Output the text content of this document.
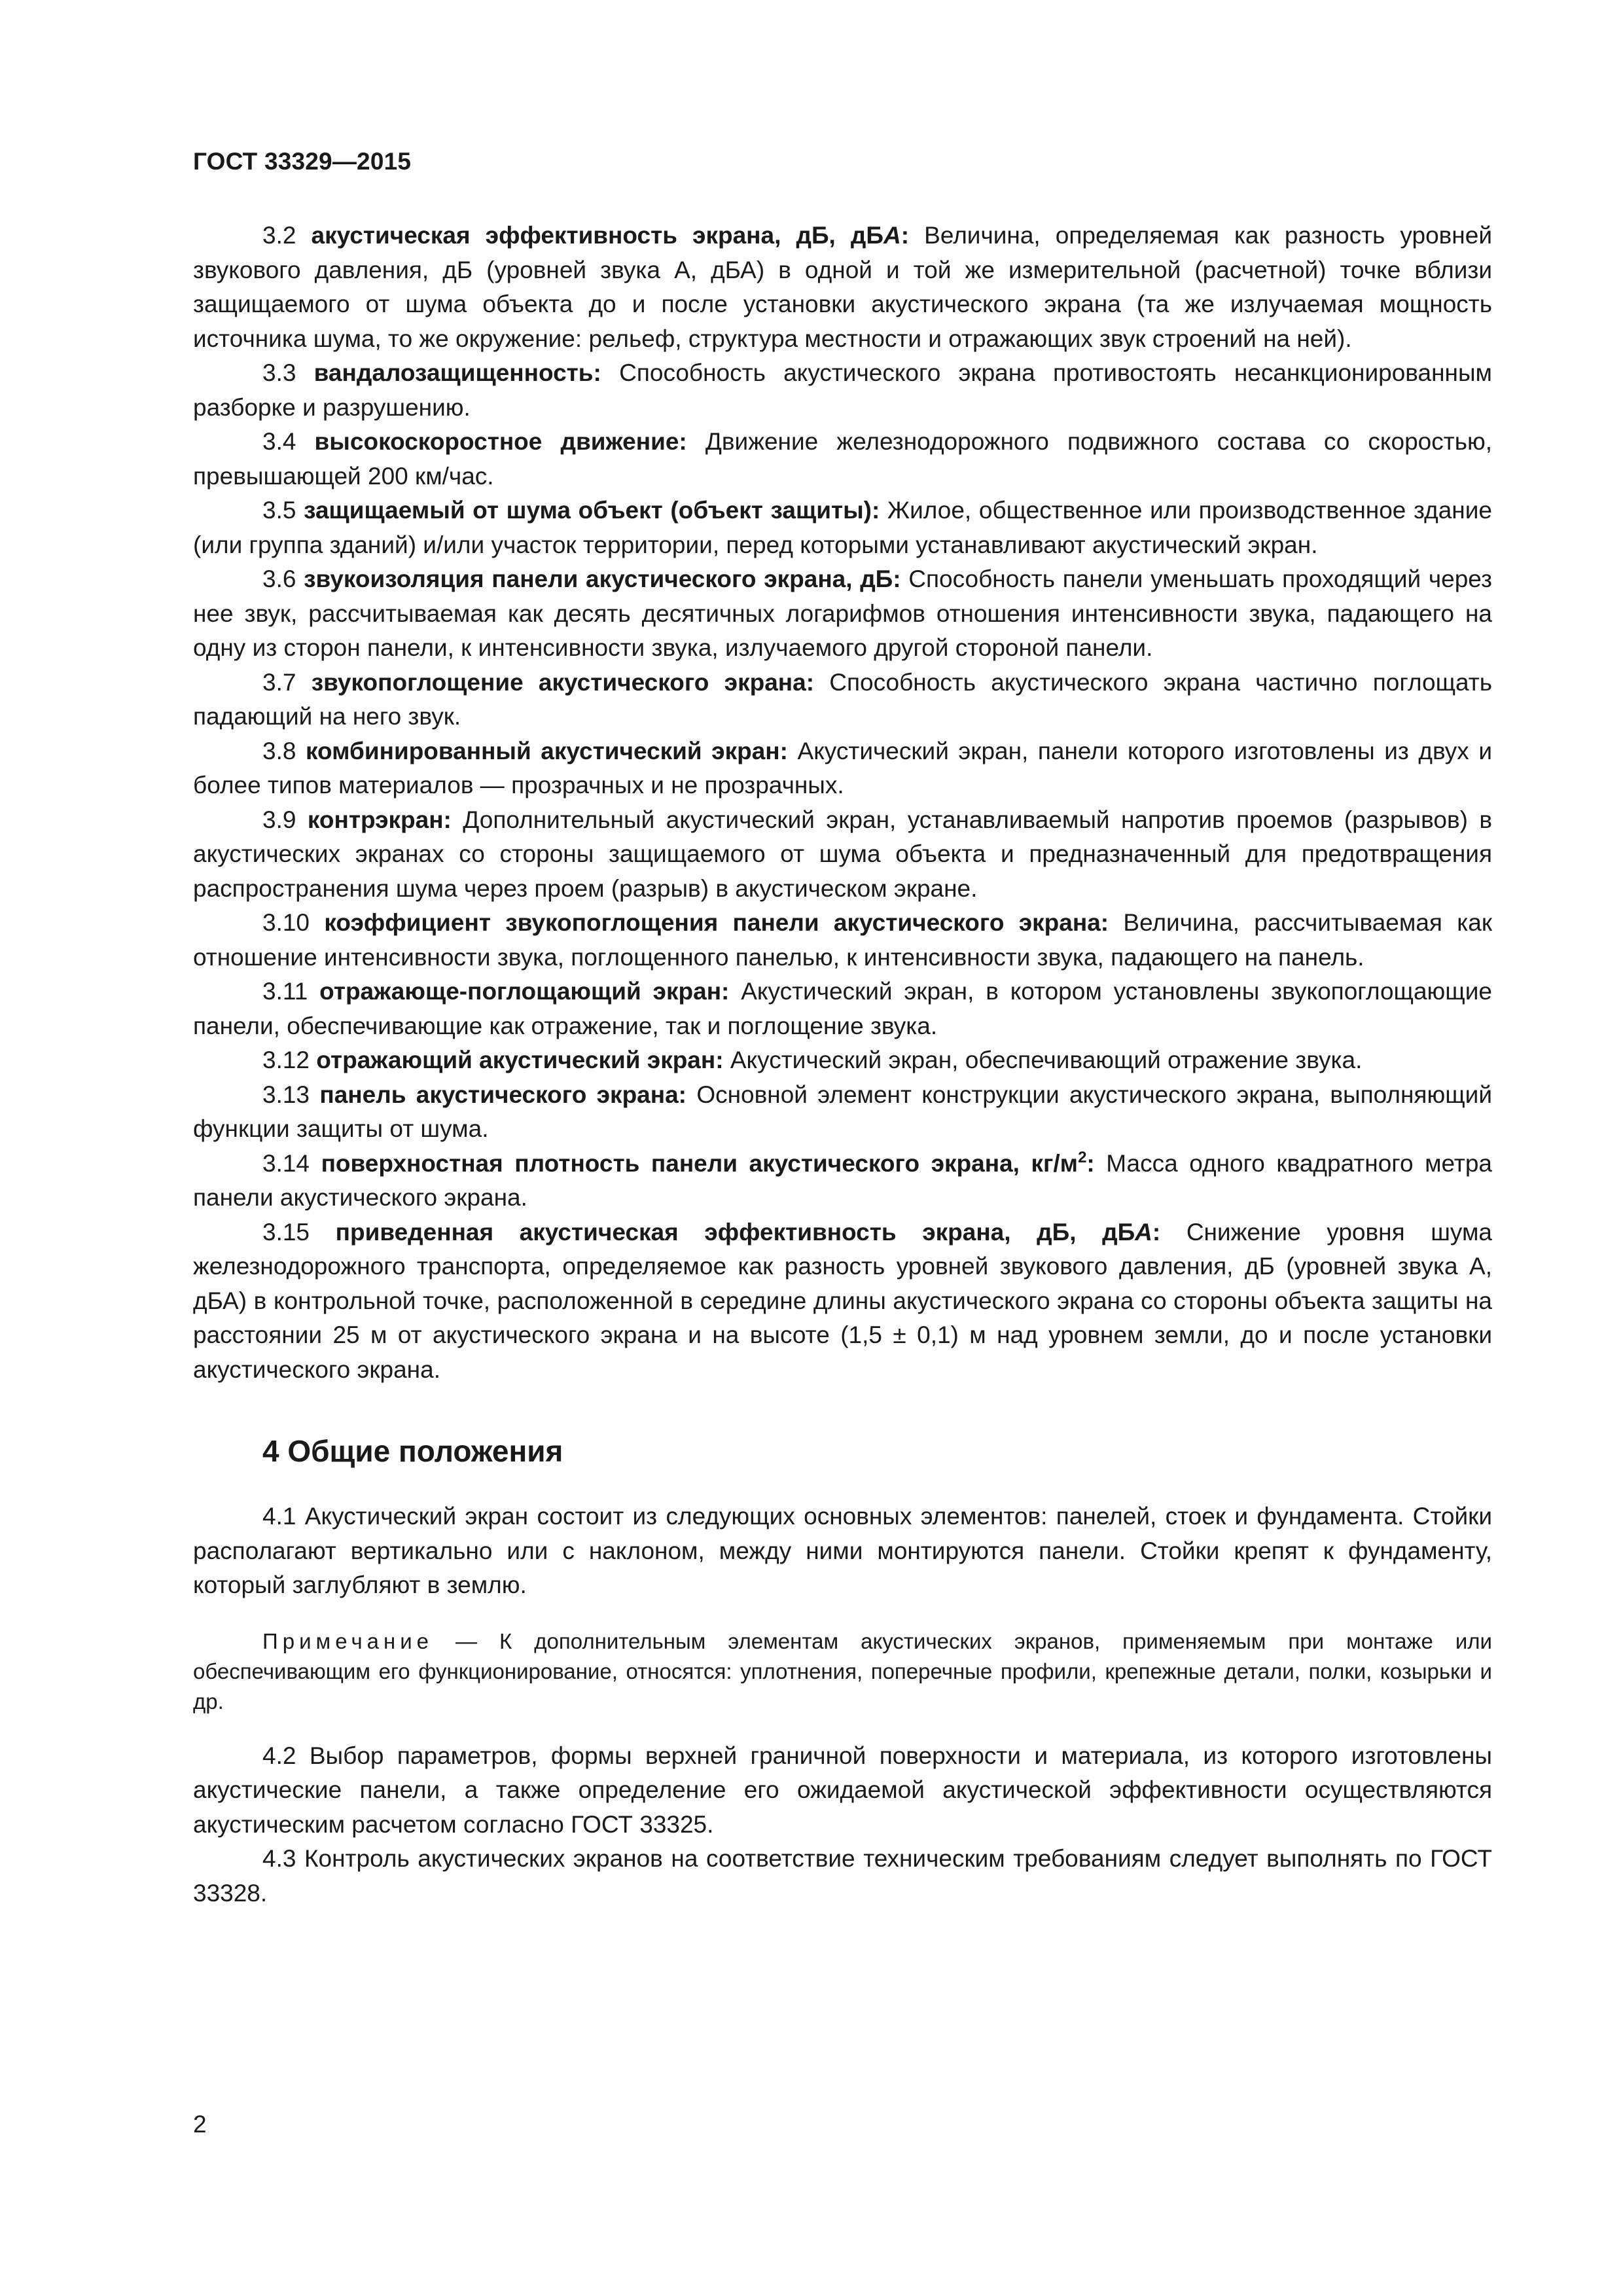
ГОСТ 33329—2015

3.2 акустическая эффективность экрана, дБ, дБА: Величина, определяемая как разность уровней звукового давления, дБ (уровней звука А, дБА) в одной и той же измерительной (расчетной) точке вблизи защищаемого от шума объекта до и после установки акустического экрана (та же излучаемая мощность источника шума, то же окружение: рельеф, структура местности и отражающих звук строений на ней).

3.3 вандалозащищенность: Способность акустического экрана противостоять несанкционированным разборке и разрушению.

3.4 высокоскоростное движение: Движение железнодорожного подвижного состава со скоростью, превышающей 200 км/час.

3.5 защищаемый от шума объект (объект защиты): Жилое, общественное или производственное здание (или группа зданий) и/или участок территории, перед которыми устанавливают акустический экран.

3.6 звукоизоляция панели акустического экрана, дБ: Способность панели уменьшать проходящий через нее звук, рассчитываемая как десять десятичных логарифмов отношения интенсивности звука, падающего на одну из сторон панели, к интенсивности звука, излучаемого другой стороной панели.

3.7 звукопоглощение акустического экрана: Способность акустического экрана частично поглощать падающий на него звук.

3.8 комбинированный акустический экран: Акустический экран, панели которого изготовлены из двух и более типов материалов — прозрачных и не прозрачных.

3.9 контрэкран: Дополнительный акустический экран, устанавливаемый напротив проемов (разрывов) в акустических экранах со стороны защищаемого от шума объекта и предназначенный для предотвращения распространения шума через проем (разрыв) в акустическом экране.

3.10 коэффициент звукопоглощения панели акустического экрана: Величина, рассчитываемая как отношение интенсивности звука, поглощенного панелью, к интенсивности звука, падающего на панель.

3.11 отражающе-поглощающий экран: Акустический экран, в котором установлены звукопоглощающие панели, обеспечивающие как отражение, так и поглощение звука.

3.12 отражающий акустический экран: Акустический экран, обеспечивающий отражение звука.

3.13 панель акустического экрана: Основной элемент конструкции акустического экрана, выполняющий функции защиты от шума.

3.14 поверхностная плотность панели акустического экрана, $кг/м^2$: Масса одного квадратного метра панели акустического экрана.

3.15 приведенная акустическая эффективность экрана, дБ, дБА: Снижение уровня шума железнодорожного транспорта, определяемое как разность уровней звукового давления, дБ (уровней звука А, дБА) в контрольной точке, расположенной в середине длины акустического экрана со стороны объекта защиты на расстоянии 25 м от акустического экрана и на высоте (1,5 ± 0,1) м над уровнем земли, до и после установки акустического экрана.

4 Общие положения

4.1 Акустический экран состоит из следующих основных элементов: панелей, стоек и фундамента. Стойки располагают вертикально или с наклоном, между ними монтируются панели. Стойки крепят к фундаменту, который заглубляют в землю.

Примечание — К дополнительным элементам акустических экранов, применяемым при монтаже или обеспечивающим его функционирование, относятся: уплотнения, поперечные профили, крепежные детали, полки, козырьки и др.

4.2 Выбор параметров, формы верхней граничной поверхности и материала, из которого изготовлены акустические панели, а также определение его ожидаемой акустической эффективности осуществляются акустическим расчетом согласно ГОСТ 33325.

4.3 Контроль акустических экранов на соответствие техническим требованиям следует выполнять по ГОСТ 33328.

2
